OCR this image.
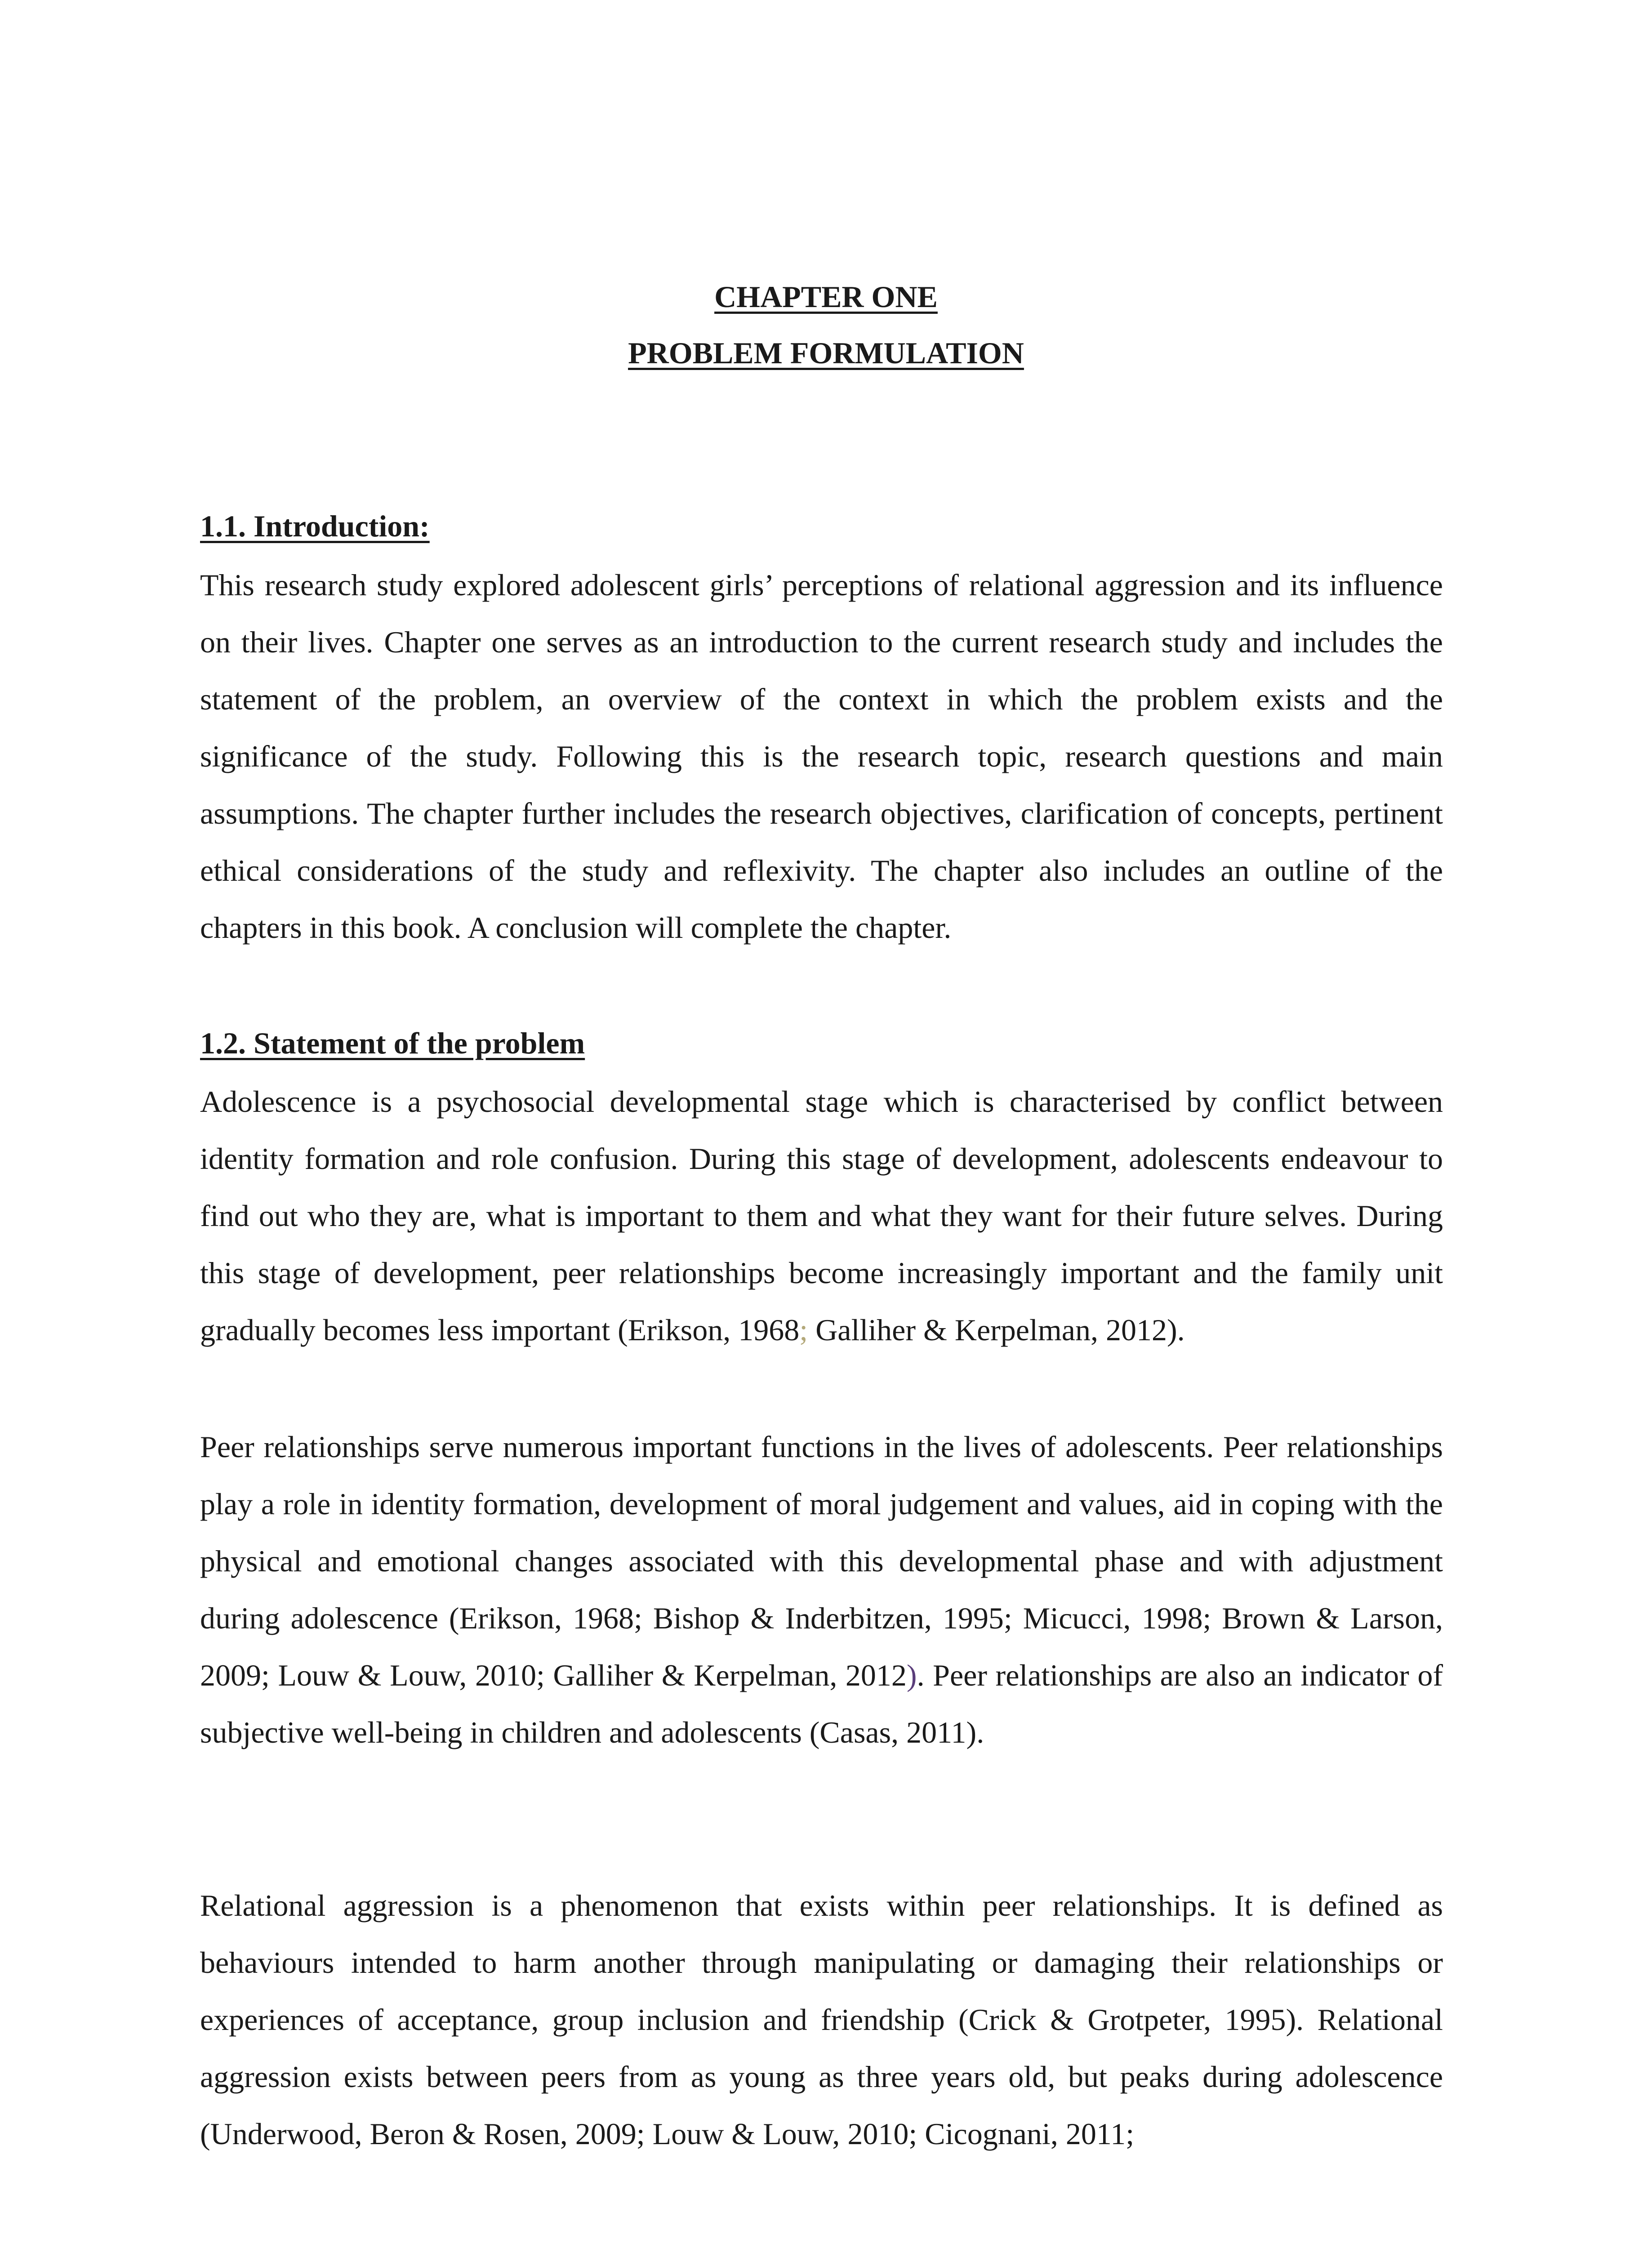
CHAPTER ONE
PROBLEM FORMULATION
1.1. Introduction:

This research study explored adolescent girls’ perceptions of relational aggression and its influence on their lives. Chapter one serves as an introduction to the current research study and includes the statement of the problem, an overview of the context in which the problem exists and the significance of the study. Following this is the research topic, research questions and main assumptions. The chapter further includes the research objectives, clarification of concepts, pertinent ethical considerations of the study and reflexivity. The chapter also includes an outline of the chapters in this book. A conclusion will complete the chapter.

1.2. Statement of the problem

Adolescence is a psychosocial developmental stage which is characterised by conflict between identity formation and role confusion. During this stage of development, adolescents endeavour to find out who they are, what is important to them and what they want for their future selves. During this stage of development, peer relationships become increasingly important and the family unit gradually becomes less important (Erikson, 1968; Galliher & Kerpelman, 2012).

Peer relationships serve numerous important functions in the lives of adolescents. Peer relationships play a role in identity formation, development of moral judgement and values, aid in coping with the physical and emotional changes associated with this developmental phase and with adjustment during adolescence (Erikson, 1968; Bishop & Inderbitzen, 1995; Micucci, 1998; Brown & Larson, 2009; Louw & Louw, 2010; Galliher & Kerpelman, 2012). Peer relationships are also an indicator of subjective well-being in children and adolescents (Casas, 2011).

Relational aggression is a phenomenon that exists within peer relationships. It is defined as behaviours intended to harm another through manipulating or damaging their relationships or experiences of acceptance, group inclusion and friendship (Crick & Grotpeter, 1995). Relational aggression exists between peers from as young as three years old, but peaks during adolescence (Underwood, Beron & Rosen, 2009; Louw & Louw, 2010; Cicognani, 2011;
